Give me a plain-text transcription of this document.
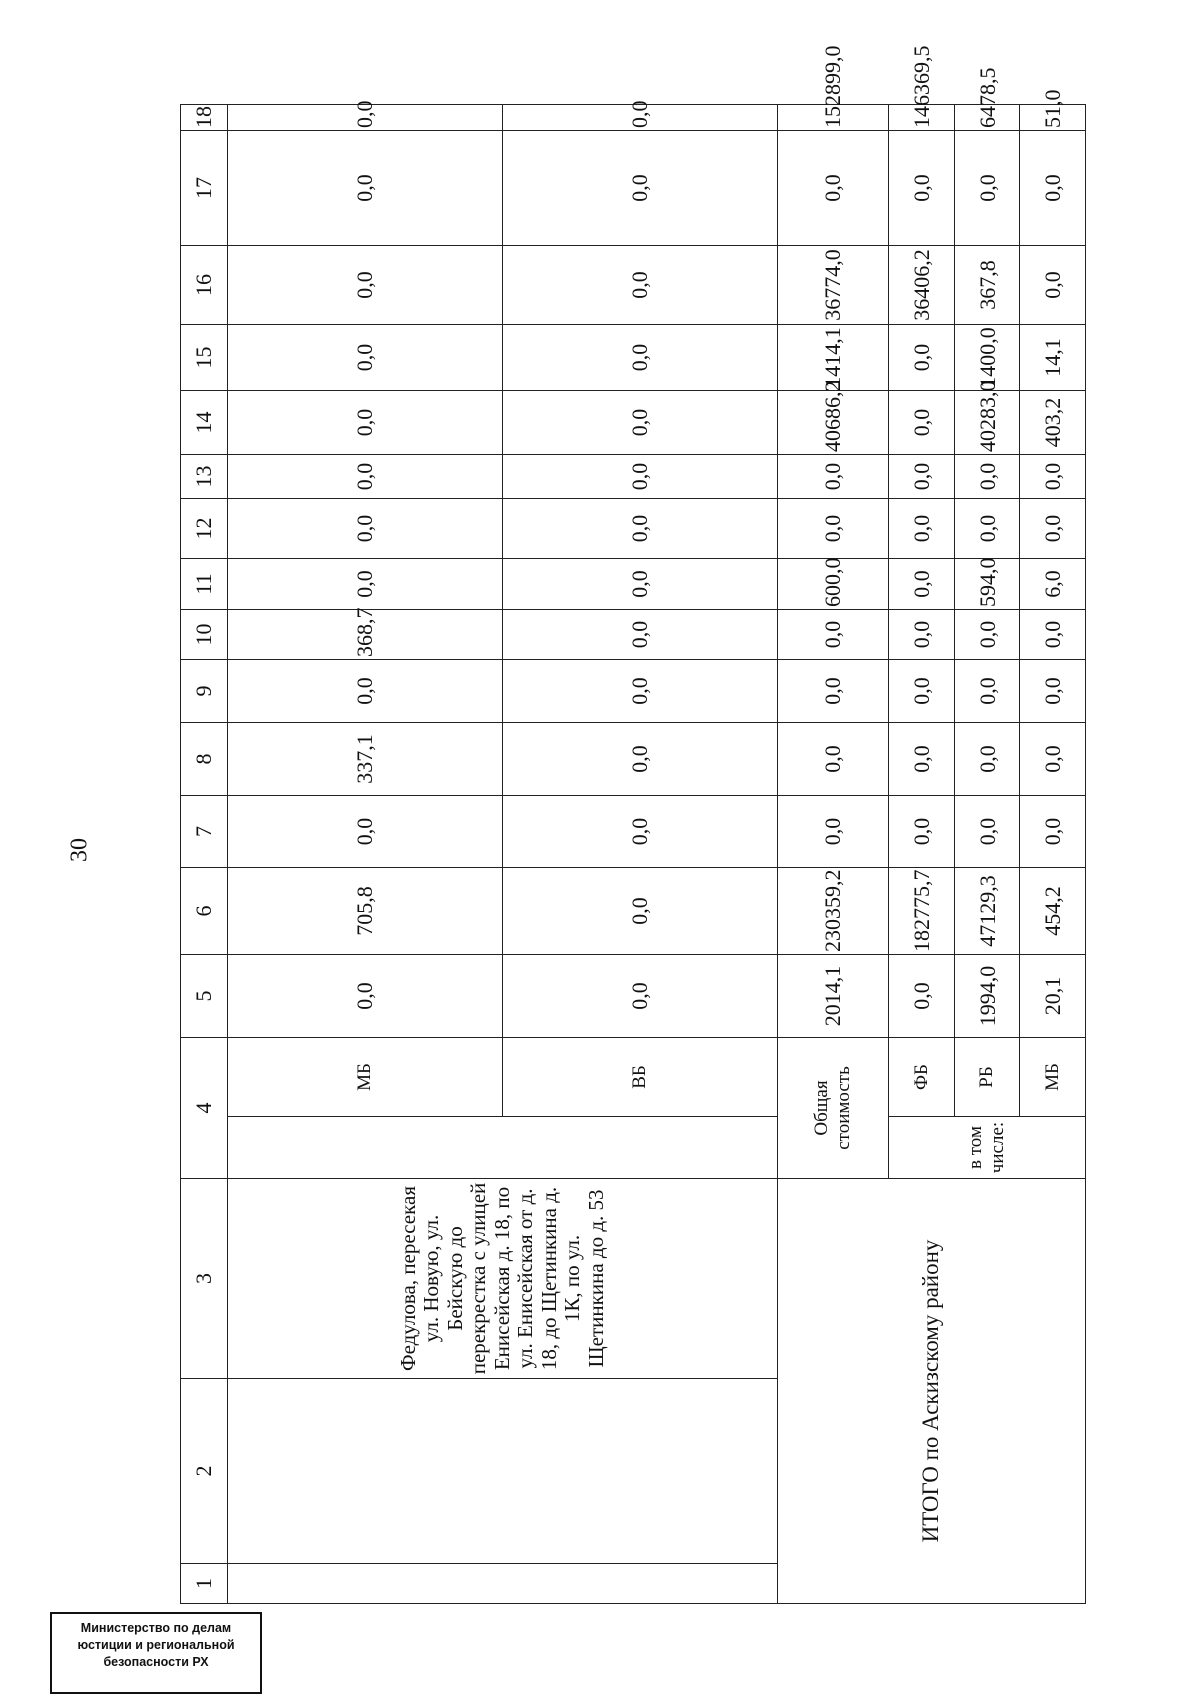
30
1	2	3	4		5	6	7	8	9	10	11	12	13	14	15	16	17	18
		Федулова, пересекая ул. Новую, ул. Бейскую до перекрестка с улицей Енисейская д. 18, по ул. Енисейская от д. 18, до Щетинкина д. 1К, по ул. Щетинкина до д. 53		МБ	0,0	705,8	0,0	337,1	0,0	368,7	0,0	0,0	0,0	0,0	0,0	0,0	0,0	0,0
				ВБ	0,0	0,0	0,0	0,0	0,0	0,0	0,0	0,0	0,0	0,0	0,0	0,0	0,0	0,0
ИТОГО по Аскизскому району			Общая стоимость		2014,1	230359,2	0,0	0,0	0,0	0,0	600,0	0,0	0,0	40686,2	1414,1	36774,0	0,0	152899,0
			в том числе:	ФБ	0,0	182775,7	0,0	0,0	0,0	0,0	0,0	0,0	0,0	0,0	0,0	36406,2	0,0	146369,5
				РБ	1994,0	47129,3	0,0	0,0	0,0	0,0	594,0	0,0	0,0	40283,0	1400,0	367,8	0,0	6478,5
				МБ	20,1	454,2	0,0	0,0	0,0	0,0	6,0	0,0	0,0	403,2	14,1	0,0	0,0	51,0
Министерство по делам
юстиции и региональной
безопасности РХ
